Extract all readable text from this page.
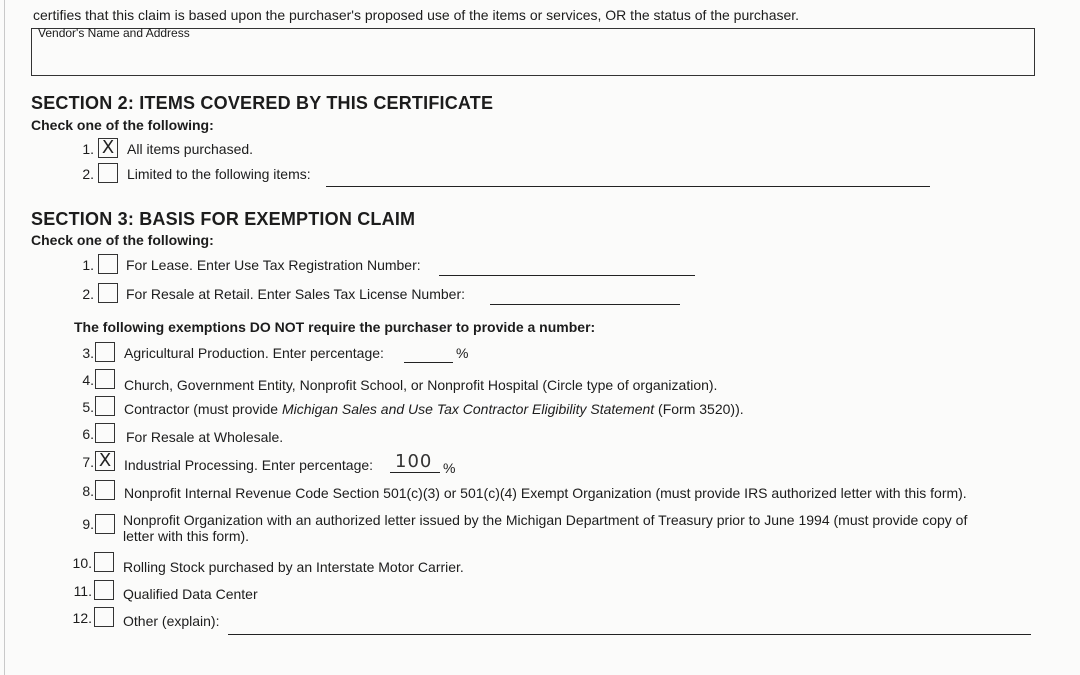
certifies that this claim is based upon the purchaser's proposed use of the items or services, OR the status of the purchaser.
Vendor's Name and Address
SECTION 2: ITEMS COVERED BY THIS CERTIFICATE
Check one of the following:
1. X All items purchased.
2. Limited to the following items:
SECTION 3: BASIS FOR EXEMPTION CLAIM
Check one of the following:
1. For Lease. Enter Use Tax Registration Number:
2. For Resale at Retail. Enter Sales Tax License Number:
The following exemptions DO NOT require the purchaser to provide a number:
3. Agricultural Production. Enter percentage:	%
4. Church, Government Entity, Nonprofit School, or Nonprofit Hospital (Circle type of organization).
5. Contractor (must provide Michigan Sales and Use Tax Contractor Eligibility Statement (Form 3520)).
6. For Resale at Wholesale.
7. X Industrial Processing. Enter percentage: 100 %
8. Nonprofit Internal Revenue Code Section 501(c)(3) or 501(c)(4) Exempt Organization (must provide IRS authorized letter with this form).
9. Nonprofit Organization with an authorized letter issued by the Michigan Department of Treasury prior to June 1994 (must provide copy of
letter with this form).
10. Rolling Stock purchased by an Interstate Motor Carrier.
11. Qualified Data Center
12. Other (explain):
